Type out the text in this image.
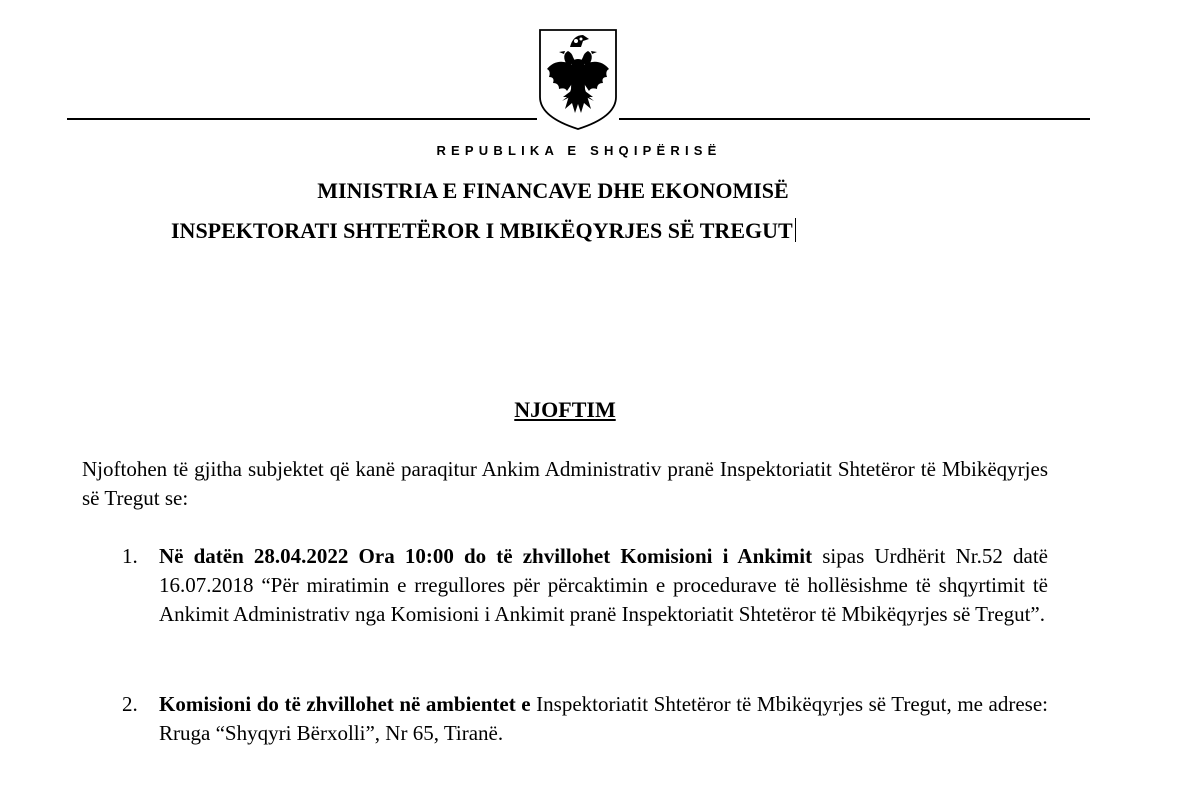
REPUBLIKA E SHQIPËRISË
MINISTRIA E FINANCAVE DHE EKONOMISË
INSPEKTORATI SHTETËROR I MBIKËQYRJES SË TREGUT
NJOFTIM
Njoftohen të gjitha subjektet që kanë paraqitur Ankim Administrativ pranë Inspektoriatit Shtetëror të Mbikëqyrjes së Tregut se:
1. Në datën 28.04.2022 Ora 10:00 do të zhvillohet Komisioni i Ankimit sipas Urdhërit Nr.52 datë 16.07.2018 “Për miratimin e rregullores për përcaktimin e procedurave të hollësishme të shqyrtimit të Ankimit Administrativ nga Komisioni i Ankimit pranë Inspektoriatit Shtetëror të Mbikëqyrjes së Tregut”.
2. Komisioni do të zhvillohet në ambientet e Inspektoriatit Shtetëror të Mbikëqyrjes së Tregut, me adrese: Rruga “Shyqyri Bërxolli”, Nr 65, Tiranë.
